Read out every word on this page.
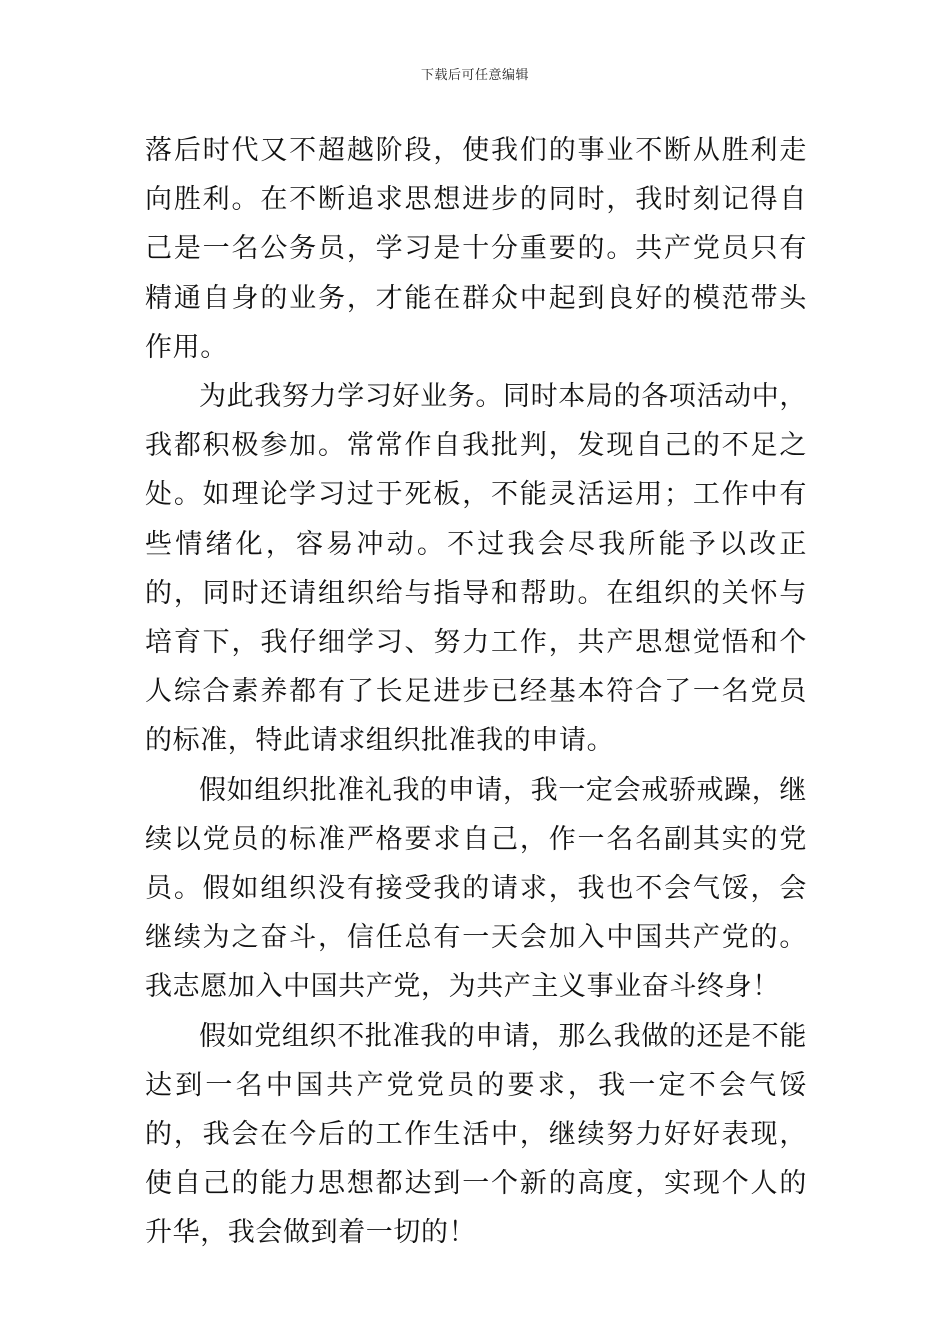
下载后可任意编辑

落后时代又不超越阶段，使我们的事业不断从胜利走向胜利。在不断追求思想进步的同时，我时刻记得自己是一名公务员，学习是十分重要的。共产党员只有精通自身的业务，才能在群众中起到良好的模范带头作用。

为此我努力学习好业务。同时本局的各项活动中，我都积极参加。常常作自我批判，发现自己的不足之处。如理论学习过于死板，不能灵活运用；工作中有些情绪化，容易冲动。不过我会尽我所能予以改正的，同时还请组织给与指导和帮助。在组织的关怀与培育下，我仔细学习、努力工作，共产思想觉悟和个人综合素养都有了长足进步已经基本符合了一名党员的标准，特此请求组织批准我的申请。

假如组织批准礼我的申请，我一定会戒骄戒躁，继续以党员的标准严格要求自己，作一名名副其实的党员。假如组织没有接受我的请求，我也不会气馁，会继续为之奋斗，信任总有一天会加入中国共产党的。我志愿加入中国共产党，为共产主义事业奋斗终身！

假如党组织不批准我的申请，那么我做的还是不能达到一名中国共产党党员的要求，我一定不会气馁的，我会在今后的工作生活中，继续努力好好表现，使自己的能力思想都达到一个新的高度，实现个人的升华，我会做到着一切的！
